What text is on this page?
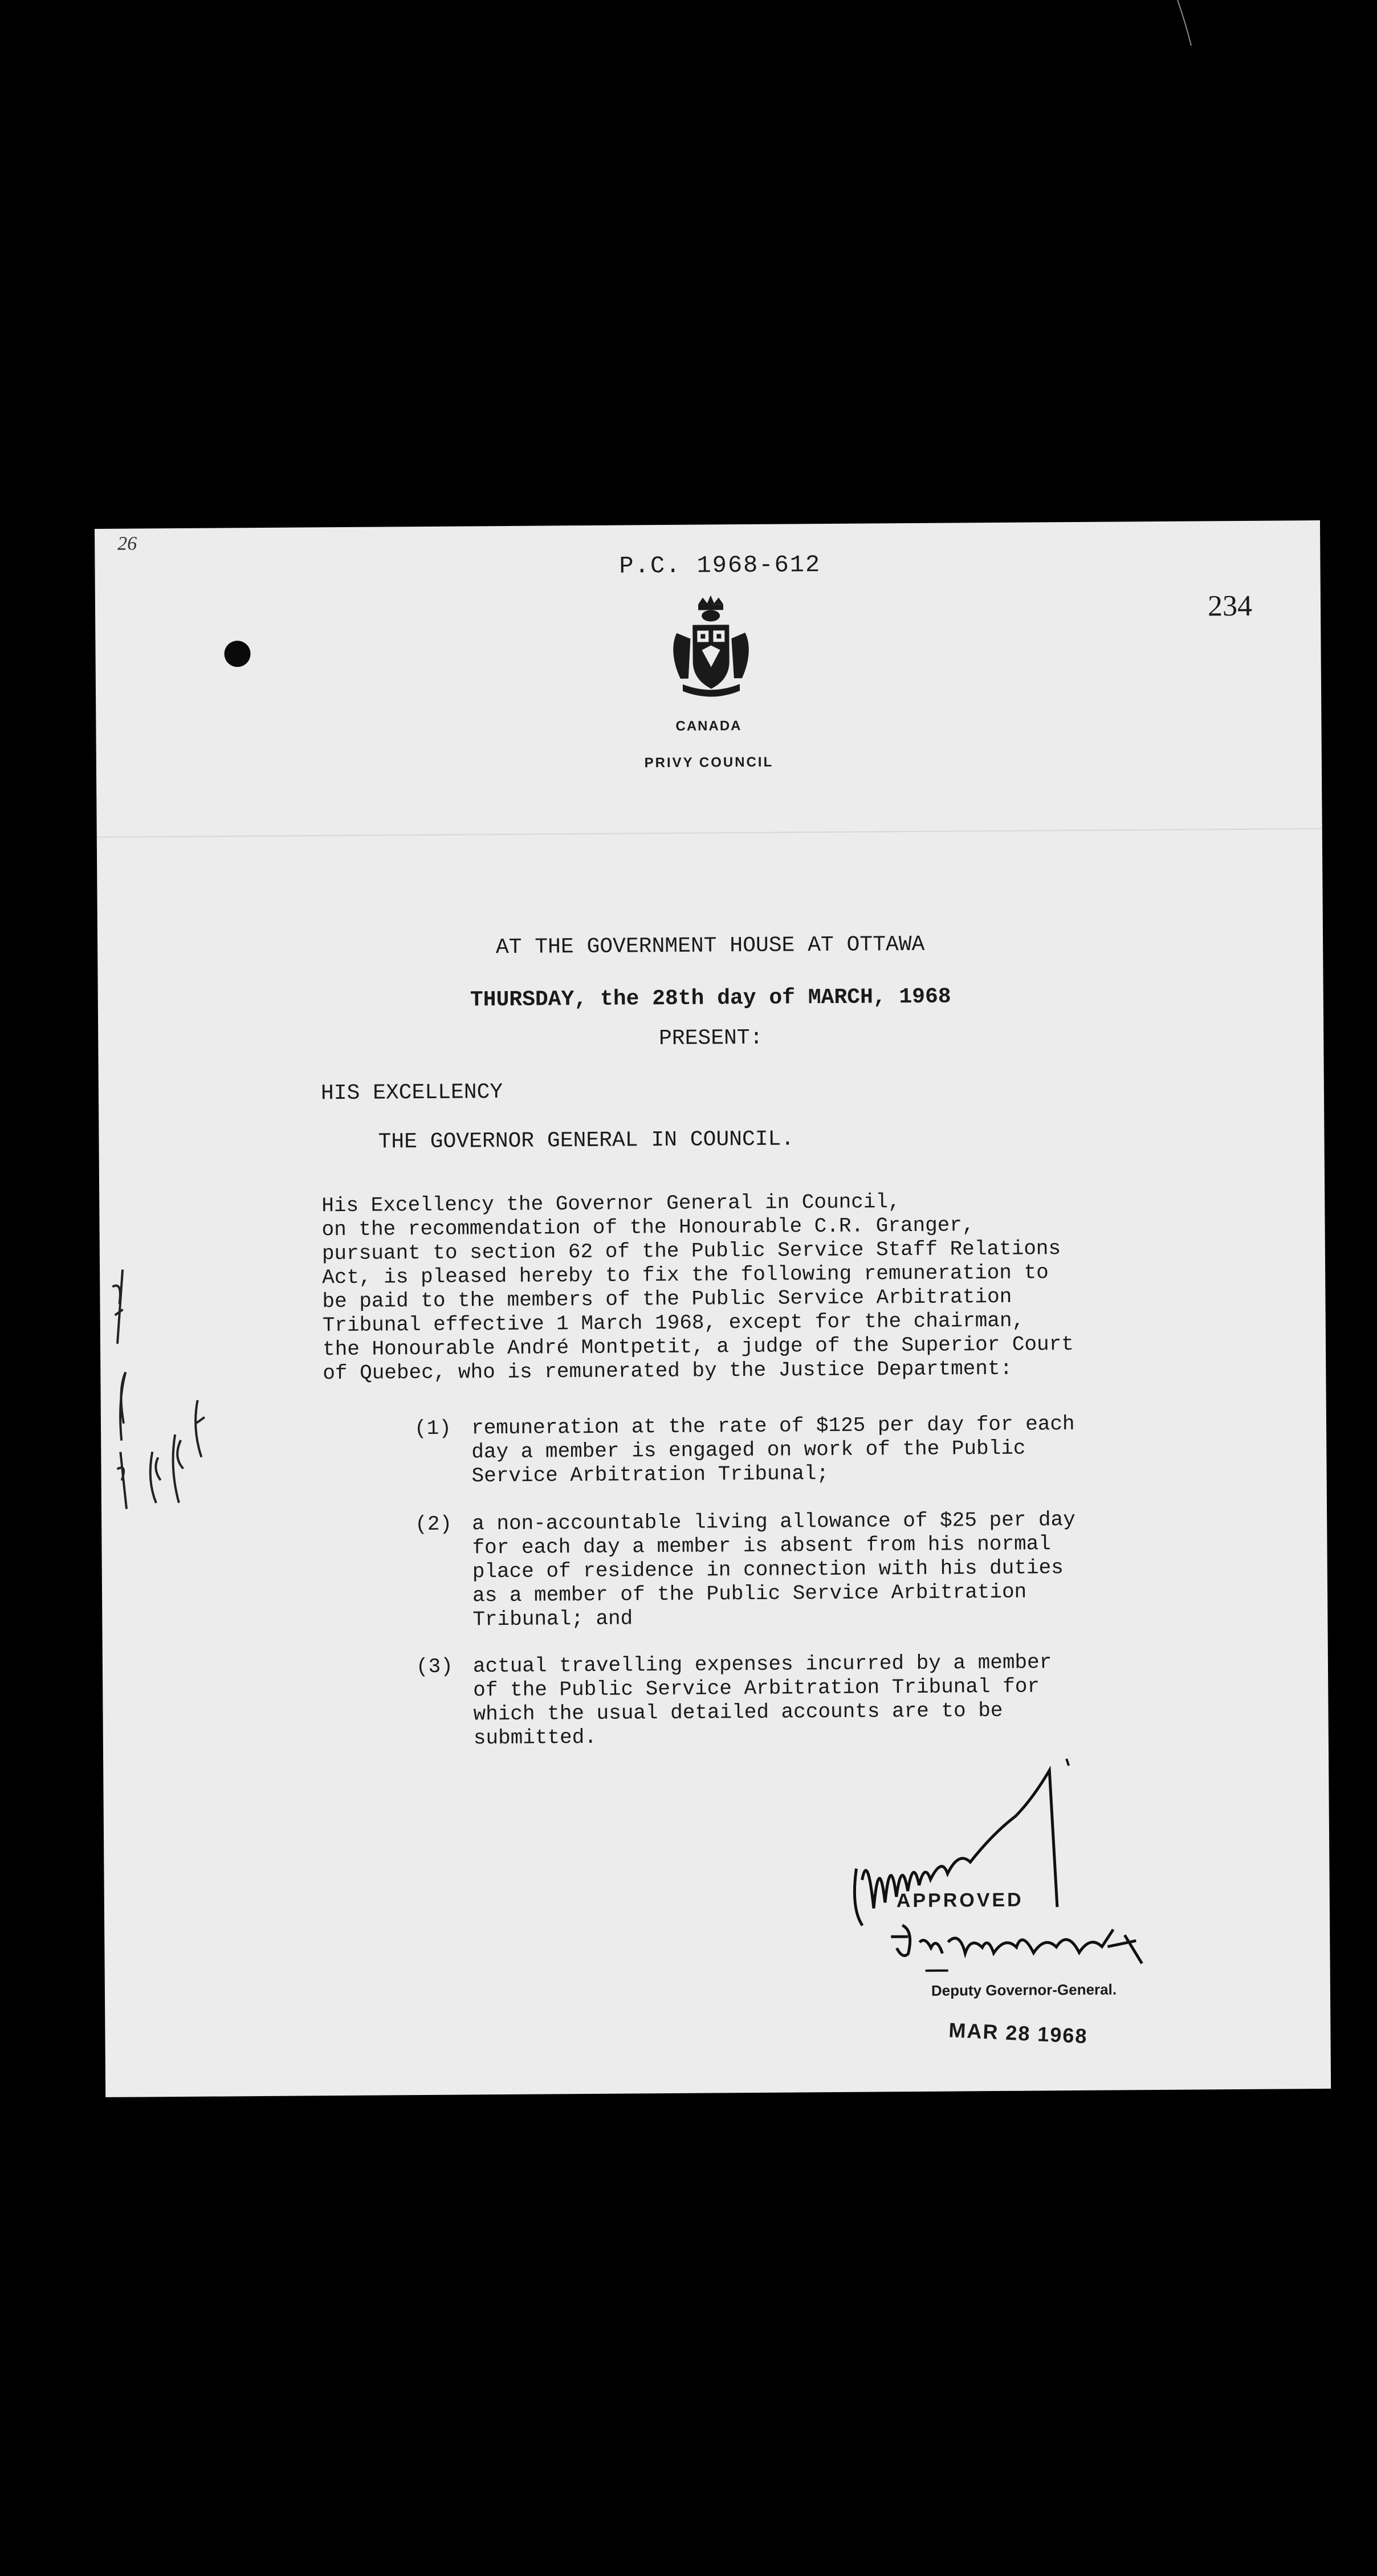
26
P.C. 1968-612
234
CANADA
PRIVY COUNCIL
AT THE GOVERNMENT HOUSE AT OTTAWA
THURSDAY, the 28th day of MARCH, 1968
PRESENT:
HIS EXCELLENCY
THE GOVERNOR GENERAL IN COUNCIL.

His Excellency the Governor General in Council,
on the recommendation of the Honourable C.R. Granger,
pursuant to section 62 of the Public Service Staff Relations
Act, is pleased hereby to fix the following remuneration to
be paid to the members of the Public Service Arbitration
Tribunal effective 1 March 1968, except for the chairman,
the Honourable André Montpetit, a judge of the Superior Court
of Quebec, who is remunerated by the Justice Department:

(1) remuneration at the rate of $125 per day for each
day a member is engaged on work of the Public
Service Arbitration Tribunal;
(2) a non-accountable living allowance of $25 per day
for each day a member is absent from his normal
place of residence in connection with his duties
as a member of the Public Service Arbitration
Tribunal; and
(3) actual travelling expenses incurred by a member
of the Public Service Arbitration Tribunal for
which the usual detailed accounts are to be
submitted.
APPROVED
Deputy Governor-General.
MAR 28 1968
